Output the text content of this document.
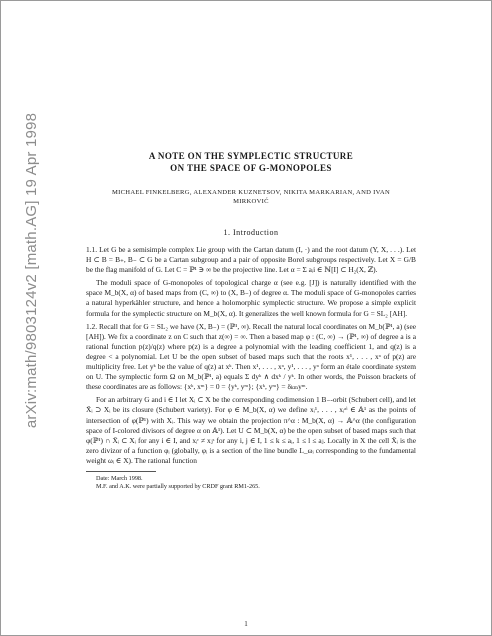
arXiv:math/9803124v2 [math.AG] 19 Apr 1998	A NOTE ON THE SYMPLECTIC STRUCTURE
ON THE SPACE OF G-MONOPOLES
MICHAEL FINKELBERG, ALEXANDER KUZNETSOV, NIKITA MARKARIAN, AND IVAN
MIRKOVIĆ
1. Introduction

1.1. Let G be a semisimple complex Lie group with the Cartan datum (I, ·) and the root datum (Y, X, . . .). Let H ⊂ B = B₊, B₋ ⊂ G be a Cartan subgroup and a pair of opposite Borel subgroups respectively. Let X = G/B be the flag manifold of G. Let C = ℙ¹ ∋ ∞ be the projective line. Let α = Σ aᵢi ∈ ℕ[I] ⊂ H₂(X, ℤ).

The moduli space of G-monopoles of topological charge α (see e.g. [J]) is naturally identified with the space M_b(X, α) of based maps from (C, ∞) to (X, B₋) of degree α. The moduli space of G-monopoles carries a natural hyperkähler structure, and hence a holomorphic symplectic structure. We propose a simple explicit formula for the symplectic structure on M_b(X, α). It generalizes the well known formula for G = SL₂ [AH].

1.2. Recall that for G = SL₂ we have (X, B₋) = (ℙ¹, ∞). Recall the natural local coordinates on M_b(ℙ¹, a) (see [AH]). We fix a coordinate z on C such that z(∞) = ∞. Then a based map φ : (C, ∞) → (ℙ¹, ∞) of degree a is a rational function p(z)/q(z) where p(z) is a degree a polynomial with the leading coefficient 1, and q(z) is a degree < a polynomial. Let U be the open subset of based maps such that the roots x¹, . . . , xᵃ of p(z) are multiplicity free. Let yᵏ be the value of q(z) at xᵏ. Then x¹, . . . , xᵃ, y¹, . . . , yᵃ form an étale coordinate system on U. The symplectic form Ω on M_b(ℙ¹, a) equals Σ dyᵏ ∧ dxᵏ / yᵏ. In other words, the Poisson brackets of these coordinates are as follows: {xᵏ, xᵐ} = 0 = {yᵏ, yᵐ}; {xᵏ, yᵐ} = δₖₘyᵐ.

For an arbitrary G and i ∈ I let Xᵢ ⊂ X be the corresponding codimension 1 B₋-orbit (Schubert cell), and let X̄ᵢ ⊃ Xᵢ be its closure (Schubert variety). For φ ∈ M_b(X, α) we define xᵢ¹, . . . , xᵢᵃⁱ ∈ 𝔸¹ as the points of intersection of φ(ℙ¹) with Xᵢ. This way we obtain the projection π^α : M_b(X, α) → 𝔸^α (the configuration space of I-colored divisors of degree α on 𝔸¹). Let U ⊂ M_b(X, α) be the open subset of based maps such that φ(ℙ¹) ∩ X̄ᵢ ⊂ Xᵢ for any i ∈ I, and xᵢʳ ≠ xⱼˢ for any i, j ∈ I, 1 ≤ k ≤ aᵢ, 1 ≤ l ≤ aⱼ. Locally in X the cell X̄ᵢ is the zero divizor of a function φᵢ (globally, φᵢ is a section of the line bundle L_ωᵢ corresponding to the fundamental weight ωᵢ ∈ X). The rational function

Date: March 1998.

M.F. and A.K. were partially supported by CRDF grant RM1-265.

1
